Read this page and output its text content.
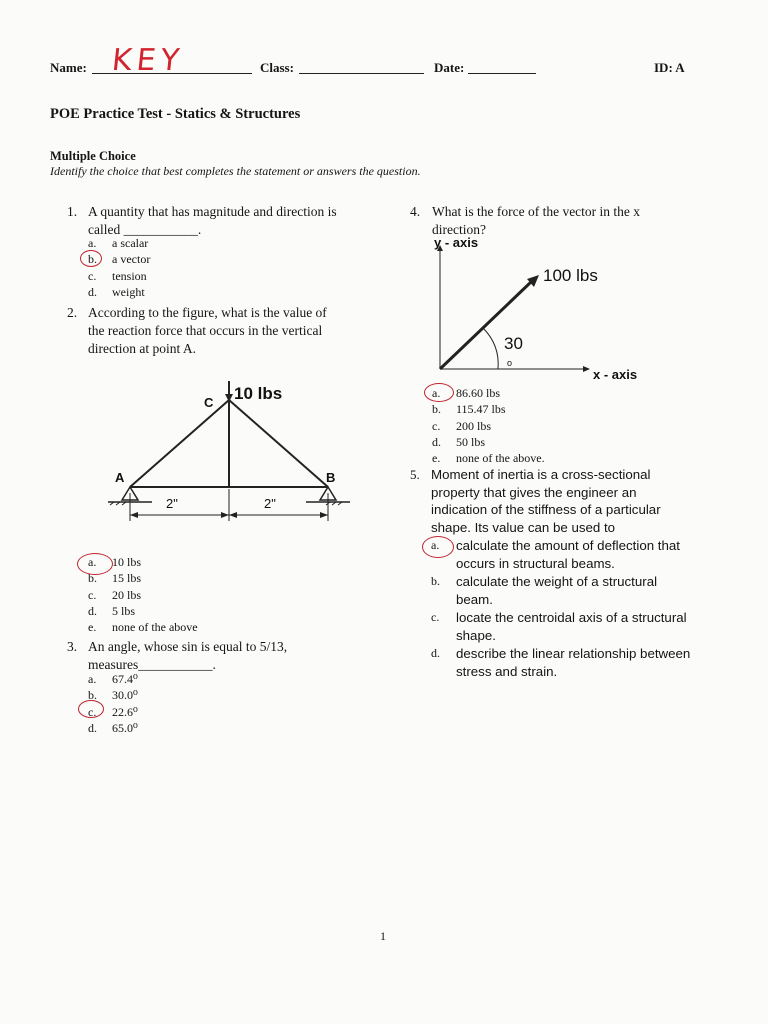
Name: KEY	Class:	Date:	ID: A
POE Practice Test - Statics & Structures
Multiple Choice
Identify the choice that best completes the statement or answers the question.
1. A quantity that has magnitude and direction is
called ___________.
a. a scalar
b. a vector
c. tension
d. weight
2. According to the figure, what is the value of
the reaction force that occurs in the vertical
direction at point A.
10 lbs
C
A	B
2"	2"
a. 10 lbs
b. 15 lbs
c. 20 lbs
d. 5 lbs
e. none of the above
3. An angle, whose sin is equal to 5/13,
measures___________.
a. 67.4⁰
b. 30.0⁰
c. 22.6⁰
d. 65.0⁰
4. What is the force of the vector in the x
direction?
y - axis
100 lbs
30
o
x - axis
a. 86.60 lbs
b. 115.47 lbs
c. 200 lbs
d. 50 lbs
e. none of the above.
5. Moment of inertia is a cross-sectional
property that gives the engineer an
indication of the stiffness of a particular
shape. Its value can be used to
a. calculate the amount of deflection that
occurs in structural beams.
b. calculate the weight of a structural
beam.
c. locate the centroidal axis of a structural
shape.
d. describe the linear relationship between
stress and strain.
1
